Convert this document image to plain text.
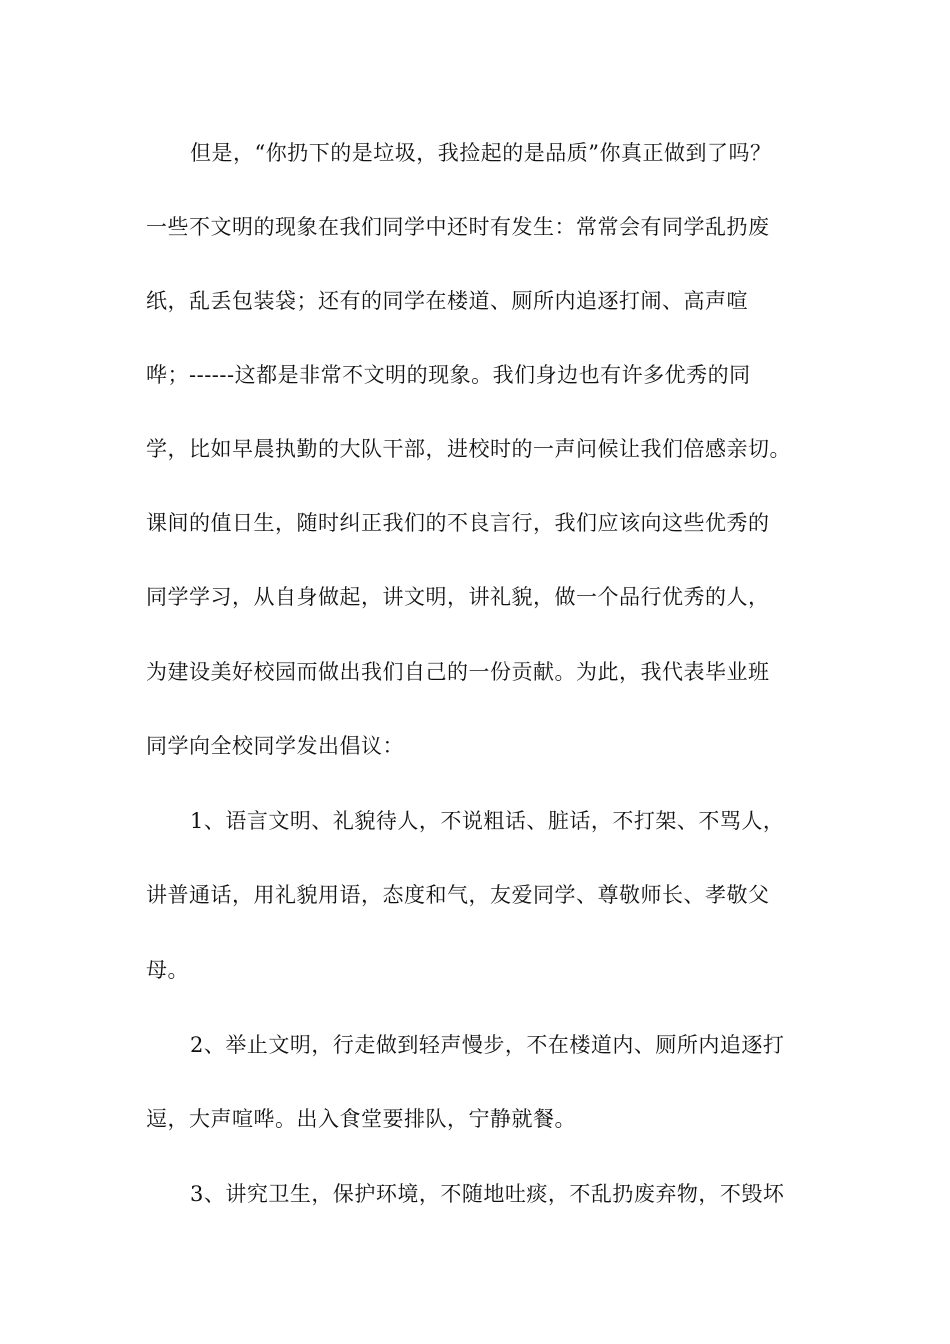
但是，“你扔下的是垃圾，我捡起的是品质”你真正做到了吗？
一些不文明的现象在我们同学中还时有发生：常常会有同学乱扔废
纸，乱丢包装袋；还有的同学在楼道、厕所内追逐打闹、高声喧
哗；------这都是非常不文明的现象。我们身边也有许多优秀的同
学，比如早晨执勤的大队干部，进校时的一声问候让我们倍感亲切。
课间的值日生，随时纠正我们的不良言行，我们应该向这些优秀的
同学学习，从自身做起，讲文明，讲礼貌，做一个品行优秀的人，
为建设美好校园而做出我们自己的一份贡献。为此，我代表毕业班
同学向全校同学发出倡议：
1、语言文明、礼貌待人，不说粗话、脏话，不打架、不骂人，
讲普通话，用礼貌用语，态度和气，友爱同学、尊敬师长、孝敬父
母。
2、举止文明，行走做到轻声慢步，不在楼道内、厕所内追逐打
逗，大声喧哗。出入食堂要排队，宁静就餐。
3、讲究卫生，保护环境，不随地吐痰，不乱扔废弃物，不毁坏
